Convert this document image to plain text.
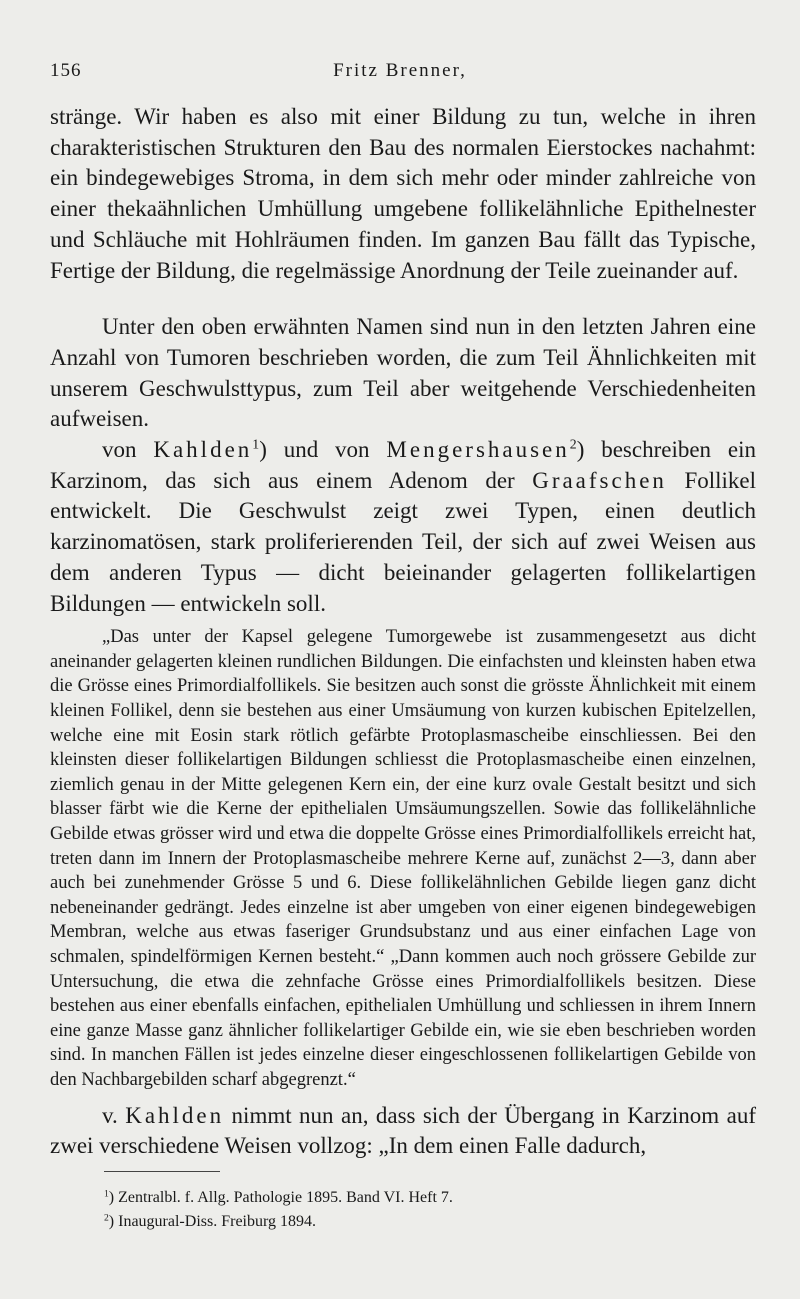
156	Fritz Brenner,

stränge. Wir haben es also mit einer Bildung zu tun, welche in ihren charakteristischen Strukturen den Bau des normalen Eierstockes nachahmt: ein bindegewebiges Stroma, in dem sich mehr oder minder zahlreiche von einer thekaähnlichen Umhüllung umgebene follikelähnliche Epithelnester und Schläuche mit Hohlräumen finden. Im ganzen Bau fällt das Typische, Fertige der Bildung, die regelmässige Anordnung der Teile zueinander auf.

Unter den oben erwähnten Namen sind nun in den letzten Jahren eine Anzahl von Tumoren beschrieben worden, die zum Teil Ähnlichkeiten mit unserem Geschwulsttypus, zum Teil aber weitgehende Verschiedenheiten aufweisen.

von Kahlden$^1$) und von Mengershausen$^2$) beschreiben ein Karzinom, das sich aus einem Adenom der Graafschen Follikel entwickelt. Die Geschwulst zeigt zwei Typen, einen deutlich karzinomatösen, stark proliferierenden Teil, der sich auf zwei Weisen aus dem anderen Typus — dicht beieinander gelagerten follikelartigen Bildungen — entwickeln soll.

„Das unter der Kapsel gelegene Tumorgewebe ist zusammengesetzt aus dicht aneinander gelagerten kleinen rundlichen Bildungen. Die einfachsten und kleinsten haben etwa die Grösse eines Primordialfollikels. Sie besitzen auch sonst die grösste Ähnlichkeit mit einem kleinen Follikel, denn sie bestehen aus einer Umsäumung von kurzen kubischen Epitelzellen, welche eine mit Eosin stark rötlich gefärbte Protoplasmascheibe einschliessen. Bei den kleinsten dieser follikelartigen Bildungen schliesst die Protoplasmascheibe einen einzelnen, ziemlich genau in der Mitte gelegenen Kern ein, der eine kurz ovale Gestalt besitzt und sich blasser färbt wie die Kerne der epithelialen Umsäumungszellen. Sowie das follikelähnliche Gebilde etwas grösser wird und etwa die doppelte Grösse eines Primordialfollikels erreicht hat, treten dann im Innern der Protoplasmascheibe mehrere Kerne auf, zunächst 2—3, dann aber auch bei zunehmender Grösse 5 und 6. Diese follikelähnlichen Gebilde liegen ganz dicht nebeneinander gedrängt. Jedes einzelne ist aber umgeben von einer eigenen bindegewebigen Membran, welche aus etwas faseriger Grundsubstanz und aus einer einfachen Lage von schmalen, spindelförmigen Kernen besteht.“ „Dann kommen auch noch grössere Gebilde zur Untersuchung, die etwa die zehnfache Grösse eines Primordialfollikels besitzen. Diese bestehen aus einer ebenfalls einfachen, epithelialen Umhüllung und schliessen in ihrem Innern eine ganze Masse ganz ähnlicher follikelartiger Gebilde ein, wie sie eben beschrieben worden sind. In manchen Fällen ist jedes einzelne dieser eingeschlossenen follikelartigen Gebilde von den Nachbargebilden scharf abgegrenzt.“

v. Kahlden nimmt nun an, dass sich der Übergang in Karzinom auf zwei verschiedene Weisen vollzog: „In dem einen Falle dadurch,

$^1$) Zentralbl. f. Allg. Pathologie 1895. Band VI. Heft 7.
$^2$) Inaugural-Diss. Freiburg 1894.
